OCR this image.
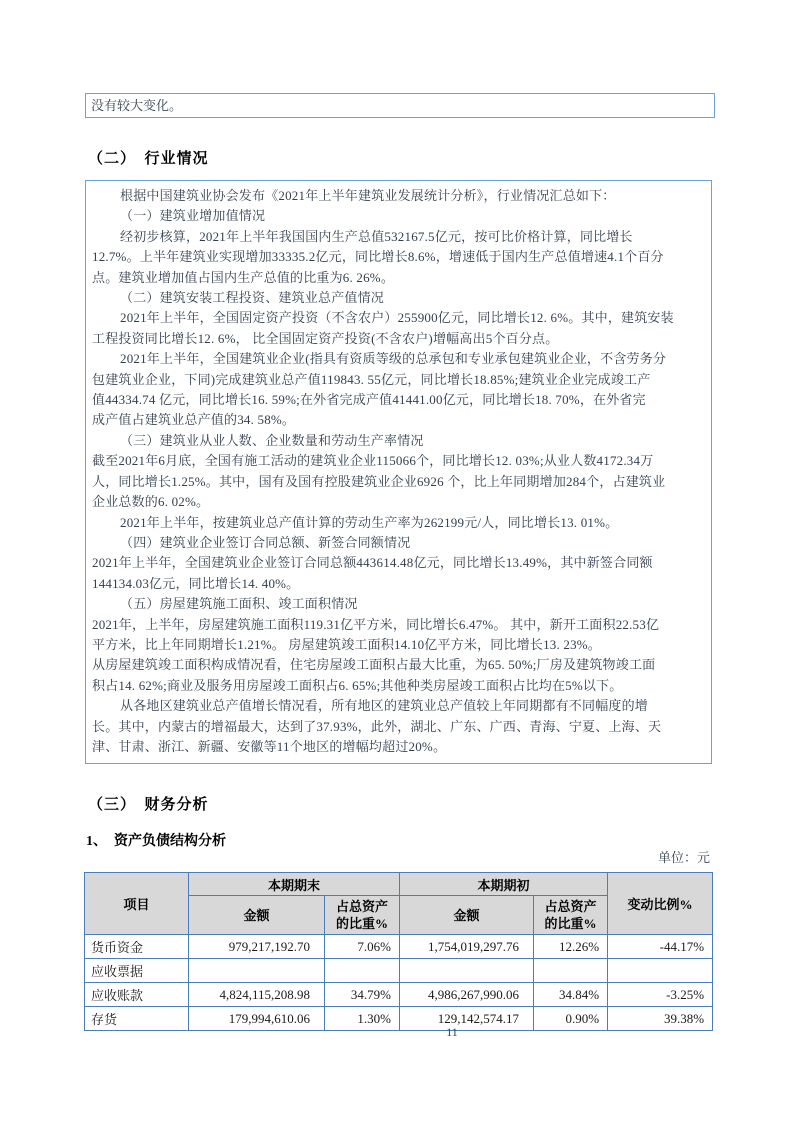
没有较大变化。
（二）　行业情况
根据中国建筑业协会发布《2021年上半年建筑业发展统计分析》，行业情况汇总如下：
（一）建筑业增加值情况
经初步核算，2021年上半年我国国内生产总值532167.5亿元，按可比价格计算，同比增长
12.7%。上半年建筑业实现增加33335.2亿元，同比增长8.6%，增速低于国内生产总值增速4.1个百分
点。建筑业增加值占国内生产总值的比重为6. 26%。
（二）建筑安装工程投资、建筑业总产值情况
2021年上半年，全国固定资产投资（不含农户）255900亿元，同比增长12. 6%。其中，建筑安装
工程投资同比增长12. 6%， 比全国固定资产投资(不含农户)增幅高出5个百分点。
2021年上半年，全国建筑业企业(指具有资质等级的总承包和专业承包建筑业企业，不含劳务分
包建筑业企业，下同)完成建筑业总产值119843. 55亿元，同比增长18.85%;建筑业企业完成竣工产
值44334.74 亿元，同比增长16. 59%;在外省完成产值41441.00亿元，同比增长18. 70%，在外省完
成产值占建筑业总产值的34. 58%。
（三）建筑业从业人数、企业数量和劳动生产率情况
截至2021年6月底，全国有施工活动的建筑业企业115066个，同比增长12. 03%;从业人数4172.34万
人，同比增长1.25%。其中，国有及国有控股建筑业企业6926 个，比上年同期增加284个，占建筑业
企业总数的6. 02%。
2021年上半年，按建筑业总产值计算的劳动生产率为262199元/人，同比增长13. 01%。
（四）建筑业企业签订合同总额、新签合同额情况
2021年上半年，全国建筑业企业签订合同总额443614.48亿元，同比增长13.49%，其中新签合同额
144134.03亿元，同比增长14. 40%。
（五）房屋建筑施工面积、竣工面积情况
2021年，上半年，房屋建筑施工面积119.31亿平方米，同比增长6.47%。 其中，新开工面积22.53亿
平方米，比上年同期增长1.21%。 房屋建筑竣工面积14.10亿平方米，同比增长13. 23%。
从房屋建筑竣工面积构成情况看，住宅房屋竣工面积占最大比重，为65. 50%;厂房及建筑物竣工面
积占14. 62%;商业及服务用房屋竣工面积占6. 65%;其他种类房屋竣工面积占比均在5%以下。
从各地区建筑业总产值增长情况看，所有地区的建筑业总产值较上年同期都有不同幅度的增
长。其中，内蒙古的增福最大，达到了37.93%，此外，湖北、广东、广西、青海、宁夏、上海、天
津、甘肃、浙江、新疆、安徽等11个地区的增幅均超过20%。
（三）　财务分析
1、　资产负债结构分析
单位：元
项目	本期期末		本期期初		变动比例%
	金额	占总资产的比重%	金额	占总资产的比重%	
货币资金	979,217,192.70	7.06%	1,754,019,297.76	12.26%	-44.17%
应收票据					
应收账款	4,824,115,208.98	34.79%	4,986,267,990.06	34.84%	-3.25%
存货	179,994,610.06	1.30%	129,142,574.17	0.90%	39.38%
11
